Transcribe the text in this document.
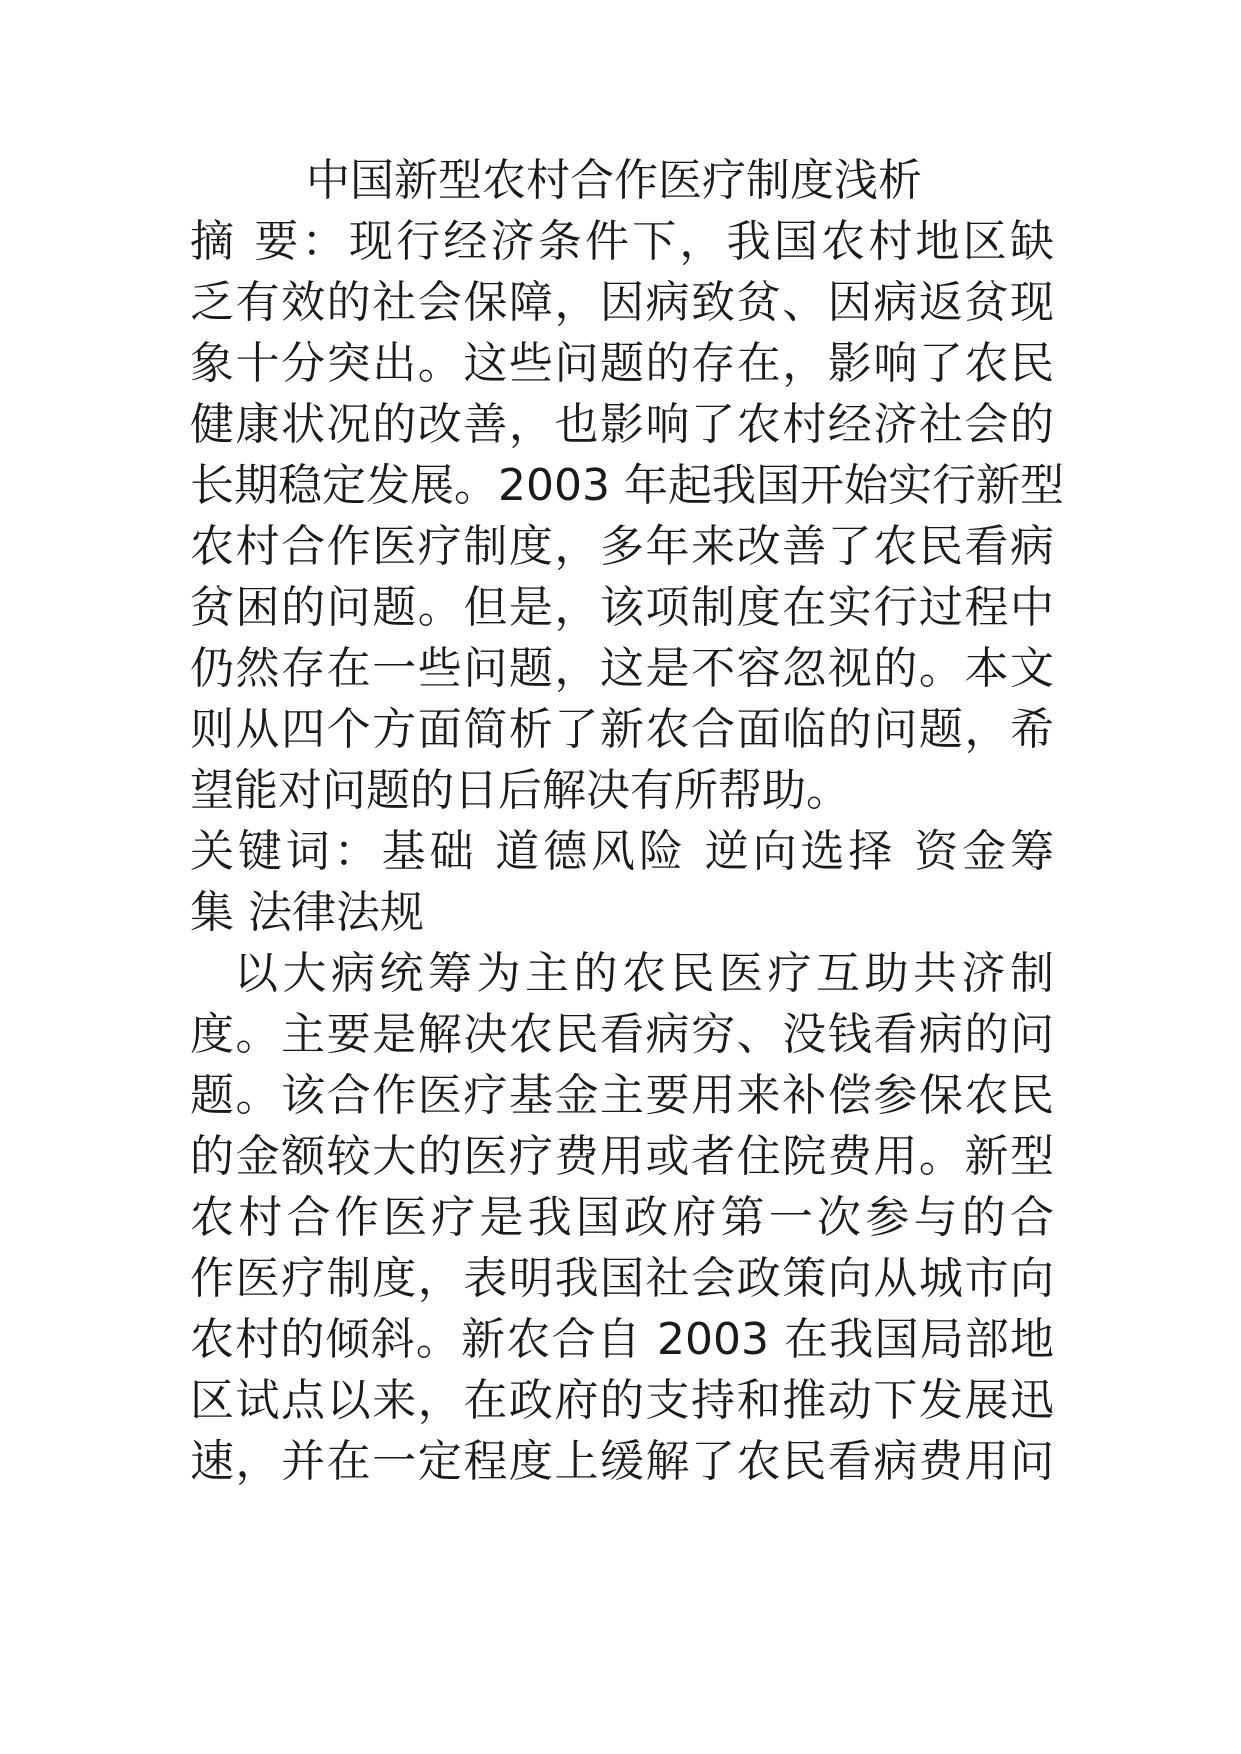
中国新型农村合作医疗制度浅析
摘 要：现行经济条件下，我国农村地区缺
乏有效的社会保障，因病致贫、因病返贫现
象十分突出。这些问题的存在，影响了农民
健康状况的改善，也影响了农村经济社会的
长期稳定发展。2003 年起我国开始实行新型
农村合作医疗制度，多年来改善了农民看病
贫困的问题。但是，该项制度在实行过程中
仍然存在一些问题，这是不容忽视的。本文
则从四个方面简析了新农合面临的问题，希
望能对问题的日后解决有所帮助。
关键词：基础 道德风险 逆向选择 资金筹
集 法律法规
以大病统筹为主的农民医疗互助共济制
度。主要是解决农民看病穷、没钱看病的问
题。该合作医疗基金主要用来补偿参保农民
的金额较大的医疗费用或者住院费用。新型
农村合作医疗是我国政府第一次参与的合
作医疗制度，表明我国社会政策向从城市向
农村的倾斜。新农合自 2003 在我国局部地
区试点以来，在政府的支持和推动下发展迅
速，并在一定程度上缓解了农民看病费用问
